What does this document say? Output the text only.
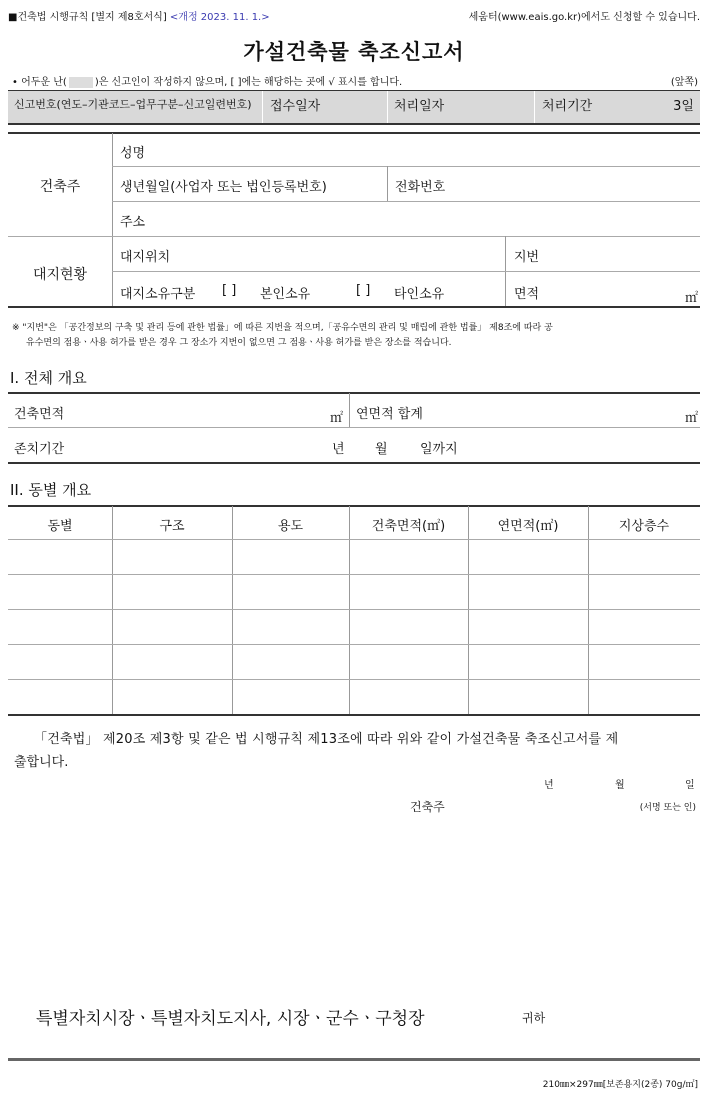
■건축법 시행규칙 [별지 제8호서식] <개정 2023. 11. 1.>	세움터(www.eais.go.kr)에서도 신청할 수 있습니다.
가설건축물 축조신고서
• 어두운 난(	)은 신고인이 작성하지 않으며, [ ]에는 해당하는 곳에 √ 표시를 합니다.	(앞쪽)
신고번호(연도–기관코드–업무구분–신고일련번호) 접수일자	처리일자	처리기간	3일
건축주
성명
생년월일(사업자 또는 법인등록번호)	전화번호
주소
대지현황
대지위치	지번
대지소유구분 [ ] 본인소유	[ ] 타인소유	면적	㎡
※ "지번"은 「공간정보의 구축 및 관리 등에 관한 법률」에 따른 지번을 적으며,「공유수면의 관리 및 매립에 관한 법률」 제8조에 따라 공
유수면의 점용ㆍ사용 허가를 받은 경우 그 장소가 지번이 없으면 그 점용ㆍ사용 허가를 받은 장소를 적습니다.
I. 전체 개요
건축면적	㎡ 연면적 합계	㎡
존치기간	년 월 일까지
II. 동별 개요
동별	구조	용도	건축면적(㎡)	연면적(㎡)	지상층수
「건축법」 제20조 제3항 및 같은 법 시행규칙 제13조에 따라 위와 같이 가설건축물 축조신고서를 제
출합니다.
년	월	일
건축주	(서명 또는 인)
특별자치시장ㆍ특별자치도지사, 시장ㆍ군수ㆍ구청장	귀하
210㎜×297㎜[보존용지(2종) 70g/㎡]
